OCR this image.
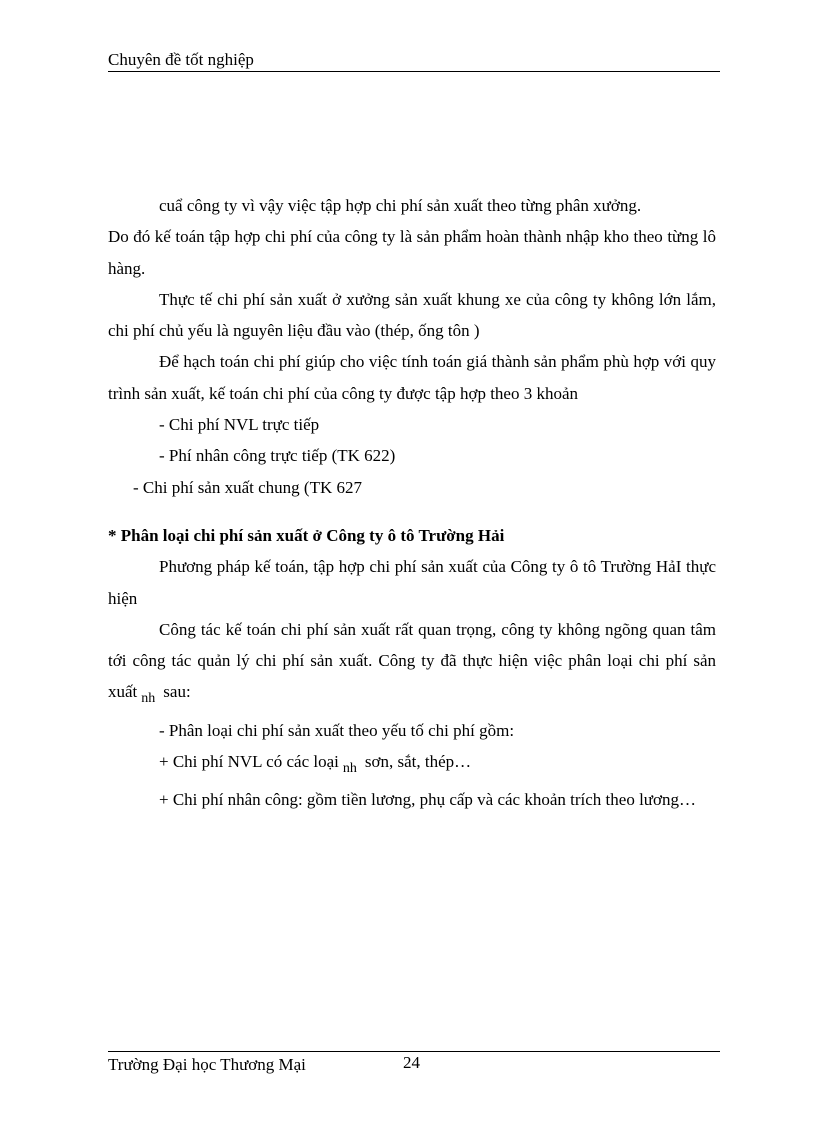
Chuyên đề tốt nghiệp

cuẩ công ty vì vậy việc tập hợp chi phí sản xuất theo từng phân xưởng.

Do đó kế toán tập hợp chi phí của công ty là sản phẩm hoàn thành nhập kho theo từng lô hàng.

Thực tế chi phí sản xuất ở xưởng sản xuất khung xe của công ty không lớn lắm, chi phí chủ yếu là nguyên liệu đầu vào (thép, ống tôn )

Để hạch toán chi phí giúp cho việc tính toán giá thành sản phẩm phù hợp với quy trình sản xuất, kế toán chi phí của công ty được tập hợp theo 3 khoản

- Chi phí NVL trực tiếp

- Phí nhân công trực tiếp (TK 622)

- Chi phí sản xuất chung (TK 627

* Phân loại chi phí sản xuất ở Công ty ô tô Trường Hải

Phương pháp kế toán, tập hợp chi phí sản xuất của Công ty ô tô Trường HảI thực hiện

Công tác kế toán chi phí sản xuất rất quan trọng, công ty không ngõng quan tâm tới công tác quản lý chi phí sản xuất. Công ty đã thực hiện việc phân loại chi phí sản xuất $_{nh}$ sau:

- Phân loại chi phí sản xuất theo yếu tố chi phí gồm:

+ Chi phí NVL có các loại $_{nh}$ sơn, sắt, thép…

+ Chi phí nhân công: gồm tiền lương, phụ cấp và các khoản trích theo lương…

Trường Đại học Thương Mại	24
